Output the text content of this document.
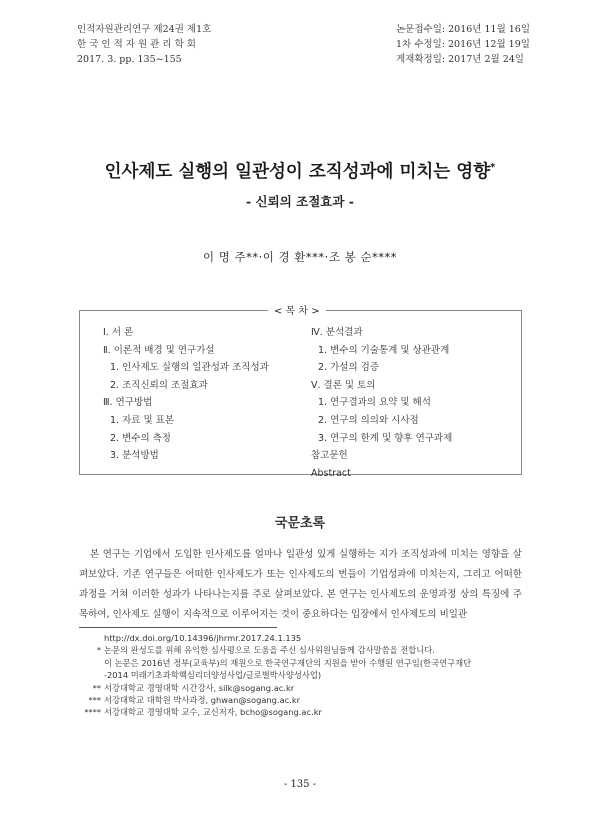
인적자원관리연구 제24권 제1호
한 국 인 적 자 원 관 리 학 회
2017. 3. pp. 135~155
논문접수일: 2016년 11월 16일
1차 수정일: 2016년 12월 19일
게재확정일: 2017년 2월 24일
인사제도 실행의 일관성이 조직성과에 미치는 영향*
- 신뢰의 조절효과 -
이 명 주**·이 경 환***·조 봉 순****
< 목 차 >
Ⅰ. 서 론
Ⅱ. 이론적 배경 및 연구가설
1. 인사제도 실행의 일관성과 조직성과
2. 조직신뢰의 조절효과
Ⅲ. 연구방법
1. 자료 및 표본
2. 변수의 측정
3. 분석방법
Ⅳ. 분석결과
1. 변수의 기술통계 및 상관관계
2. 가설의 검증
Ⅴ. 결론 및 토의
1. 연구결과의 요약 및 해석
2. 연구의 의의와 시사점
3. 연구의 한계 및 향후 연구과제
참고문헌
Abstract
국문초록
본 연구는 기업에서 도입한 인사제도를 얼마나 일관성 있게 실행하는 지가 조직성과에 미치는 영향을 살펴보았다. 기존 연구들은 어떠한 인사제도가 또는 인사제도의 번들이 기업성과에 미치는지, 그리고 어떠한 과정을 거쳐 이러한 성과가 나타나는지를 주로 살펴보았다. 본 연구는 인사제도의 운영과정 상의 특징에 주목하여, 인사제도 실행이 지속적으로 이루어지는 것이 중요하다는 입장에서 인사제도의 비일관
http://dx.doi.org/10.14396/jhrmr.2017.24.1.135
* 논문의 완성도를 위해 유익한 심사평으로 도움을 주신 심사위원님들께 감사말씀을 전합니다.
이 논문은 2016년 정부(교육부)의 재원으로 한국연구재단의 지원을 받아 수행된 연구임(한국연구재단
-2014 미래기초과학핵심리더양성사업/글로벌박사양성사업)
** 서강대학교 경영대학 시간강사, silk@sogang.ac.kr
*** 서강대학교 대학원 박사과정, ghwan@sogang.ac.kr
**** 서강대학교 경영대학 교수, 교신저자, bcho@sogang.ac.kr
- 135 -
